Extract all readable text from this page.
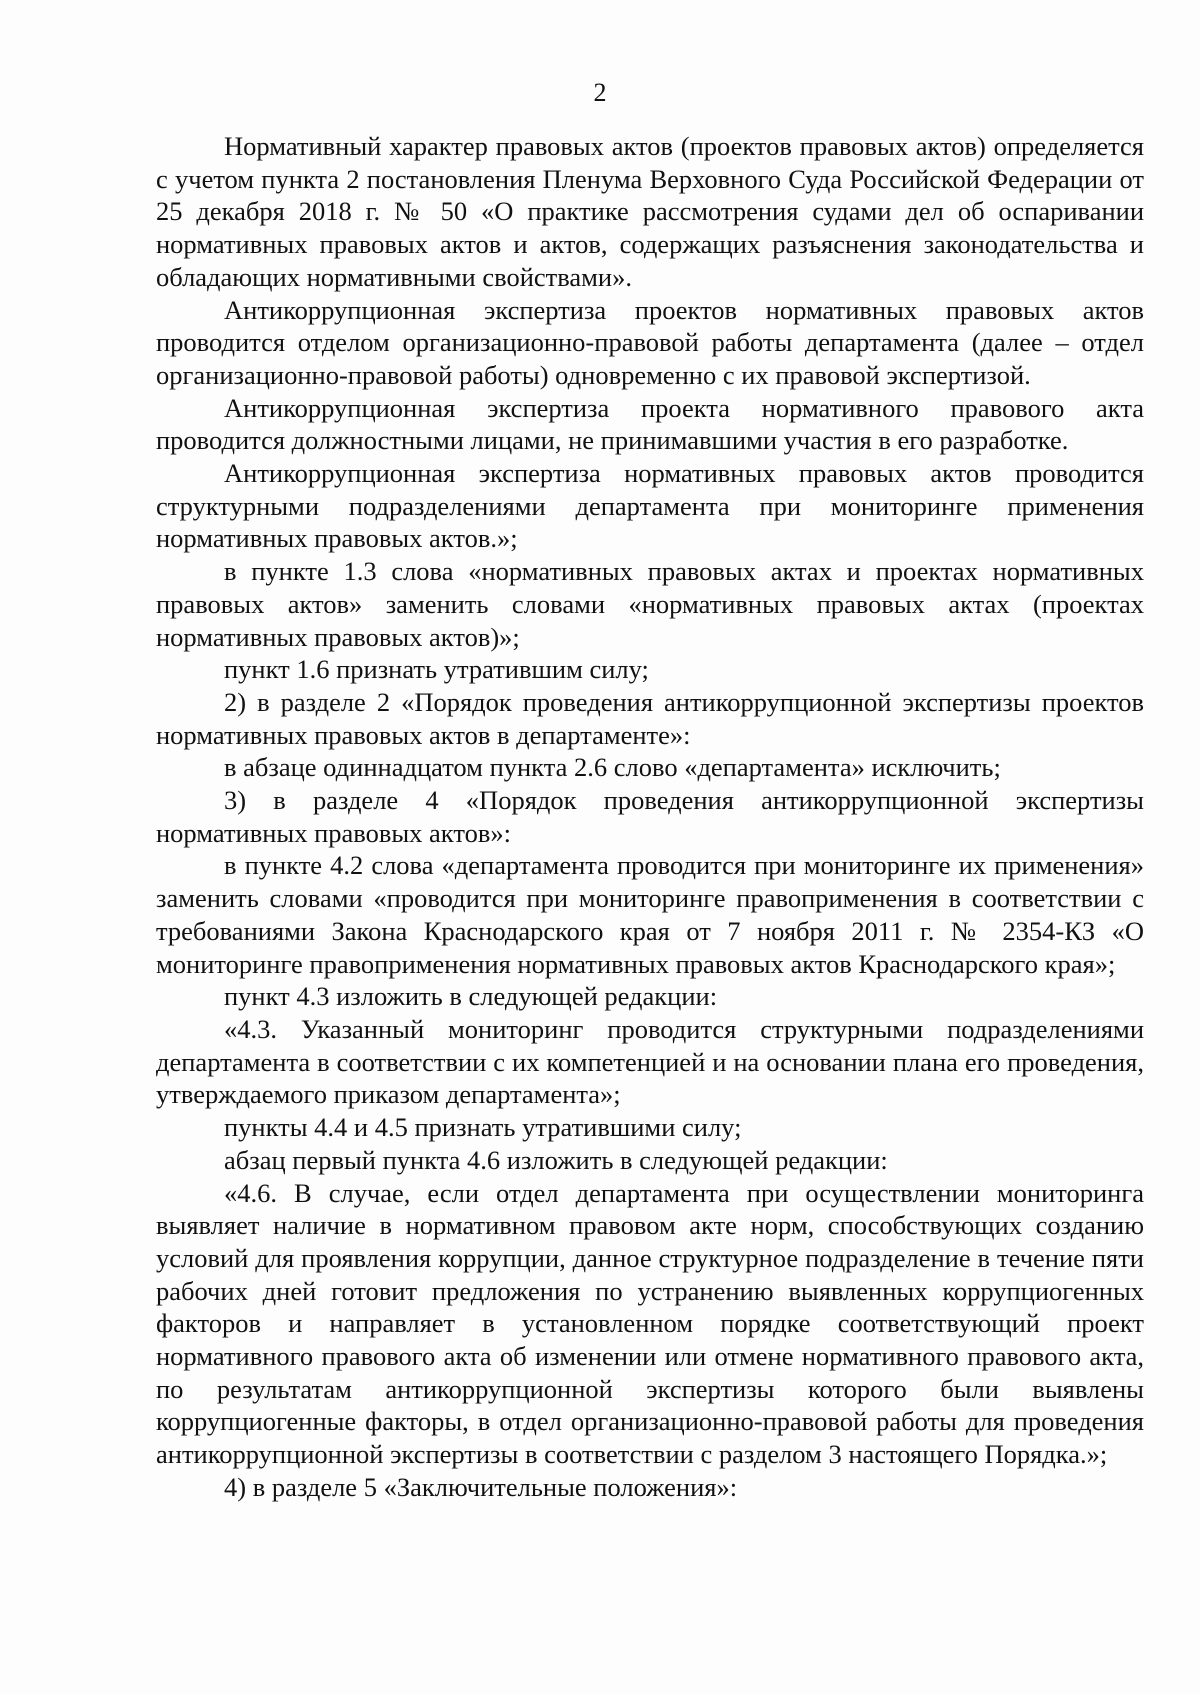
2

Нормативный характер правовых актов (проектов правовых актов) определяется с учетом пункта 2 постановления Пленума Верховного Суда Российской Федерации от 25 декабря 2018 г. № 50 «О практике рассмотрения судами дел об оспаривании нормативных правовых актов и актов, содержащих разъяснения законодательства и обладающих нормативными свойствами».

Антикоррупционная экспертиза проектов нормативных правовых актов проводится отделом организационно-правовой работы департамента (далее – отдел организационно-правовой работы) одновременно с их правовой экспертизой.

Антикоррупционная экспертиза проекта нормативного правового акта проводится должностными лицами, не принимавшими участия в его разработке.

Антикоррупционная экспертиза нормативных правовых актов проводится структурными подразделениями департамента при мониторинге применения нормативных правовых актов.»;

в пункте 1.3 слова «нормативных правовых актах и проектах нормативных правовых актов» заменить словами «нормативных правовых актах (проектах нормативных правовых актов)»;

пункт 1.6 признать утратившим силу;

2) в разделе 2 «Порядок проведения антикоррупционной экспертизы проектов нормативных правовых актов в департаменте»:

в абзаце одиннадцатом пункта 2.6 слово «департамента» исключить;

3) в разделе 4 «Порядок проведения антикоррупционной экспертизы нормативных правовых актов»:

в пункте 4.2 слова «департамента проводится при мониторинге их применения» заменить словами «проводится при мониторинге правоприменения в соответствии с требованиями Закона Краснодарского края от 7 ноября 2011 г. № 2354-КЗ «О мониторинге правоприменения нормативных правовых актов Краснодарского края»;

пункт 4.3 изложить в следующей редакции:

«4.3. Указанный мониторинг проводится структурными подразделениями департамента в соответствии с их компетенцией и на основании плана его проведения, утверждаемого приказом департамента»;

пункты 4.4 и 4.5 признать утратившими силу;

абзац первый пункта 4.6 изложить в следующей редакции:

«4.6. В случае, если отдел департамента при осуществлении мониторинга выявляет наличие в нормативном правовом акте норм, способствующих созданию условий для проявления коррупции, данное структурное подразделение в течение пяти рабочих дней готовит предложения по устранению выявленных коррупциогенных факторов и направляет в установленном порядке соответствующий проект нормативного правового акта об изменении или отмене нормативного правового акта, по результатам антикоррупционной экспертизы которого были выявлены коррупциогенные факторы, в отдел организационно-правовой работы для проведения антикоррупционной экспертизы в соответствии с разделом 3 настоящего Порядка.»;

4) в разделе 5 «Заключительные положения»:
